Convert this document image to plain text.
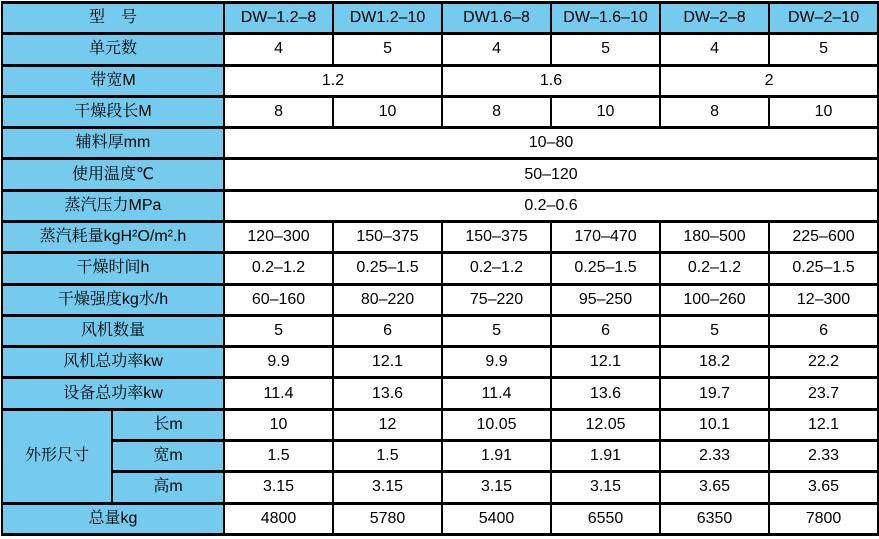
型　号		DW–1.2–8	DW1.2–10	DW1.6–8	DW–1.6–10	DW–2–8	DW–2–10
单元数		4	5	4	5	4	5
带宽M		1.2		1.6		2	
干燥段长M		8	10	8	10	8	10
辅料厚mm		10–80					
使用温度℃		50–120					
蒸汽压力MPa		0.2–0.6					
蒸汽耗量kgH²O/m².h		120–300	150–375	150–375	170–470	180–500	225–600
干燥时间h		0.2–1.2	0.25–1.5	0.2–1.2	0.25–1.5	0.2–1.2	0.25–1.5
干燥强度kg水/h		60–160	80–220	75–220	95–250	100–260	12–300
风机数量		5	6	5	6	5	6
风机总功率kw		9.9	12.1	9.9	12.1	18.2	22.2
设备总功率kw		11.4	13.6	11.4	13.6	19.7	23.7
外形尺寸	长m	10	12	10.05	12.05	10.1	12.1
	宽m	1.5	1.5	1.91	1.91	2.33	2.33
	高m	3.15	3.15	3.15	3.15	3.65	3.65
总量kg		4800	5780	5400	6550	6350	7800
